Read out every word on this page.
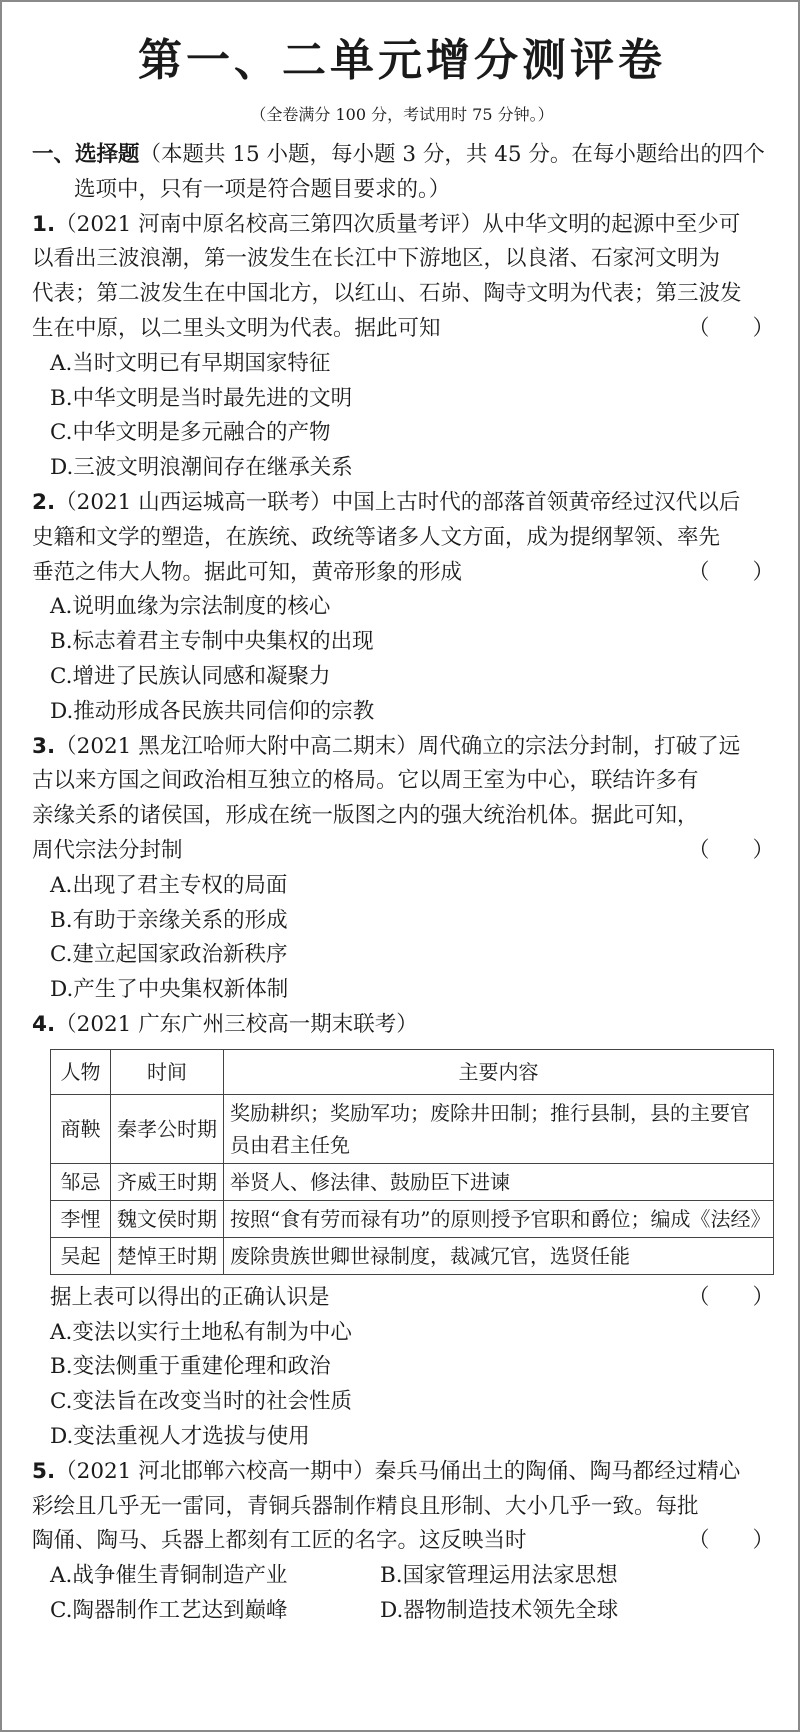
第一、二单元增分测评卷
（全卷满分 100 分，考试用时 75 分钟。）
一、选择题（本题共 15 小题，每小题 3 分，共 45 分。在每小题给出的四个
选项中，只有一项是符合题目要求的。）
1.（2021 河南中原名校高三第四次质量考评）从中华文明的起源中至少可
以看出三波浪潮，第一波发生在长江中下游地区，以良渚、石家河文明为
代表；第二波发生在中国北方，以红山、石峁、陶寺文明为代表；第三波发
生在中原，以二里头文明为代表。据此可知	（　　）
A.当时文明已有早期国家特征
B.中华文明是当时最先进的文明
C.中华文明是多元融合的产物
D.三波文明浪潮间存在继承关系
2.（2021 山西运城高一联考）中国上古时代的部落首领黄帝经过汉代以后
史籍和文学的塑造，在族统、政统等诸多人文方面，成为提纲挈领、率先
垂范之伟大人物。据此可知，黄帝形象的形成	（　　）
A.说明血缘为宗法制度的核心
B.标志着君主专制中央集权的出现
C.增进了民族认同感和凝聚力
D.推动形成各民族共同信仰的宗教
3.（2021 黑龙江哈师大附中高二期末）周代确立的宗法分封制，打破了远
古以来方国之间政治相互独立的格局。它以周王室为中心，联结许多有
亲缘关系的诸侯国，形成在统一版图之内的强大统治机体。据此可知，
周代宗法分封制	（　　）
A.出现了君主专权的局面
B.有助于亲缘关系的形成
C.建立起国家政治新秩序
D.产生了中央集权新体制
4.（2021 广东广州三校高一期末联考）
人物	时间	主要内容
商鞅	秦孝公时期	奖励耕织；奖励军功；废除井田制；推行县制，县的主要官员由君主任免
邹忌	齐威王时期	举贤人、修法律、鼓励臣下进谏
李悝	魏文侯时期	按照“食有劳而禄有功”的原则授予官职和爵位；编成《法经》
吴起	楚悼王时期	废除贵族世卿世禄制度，裁减冗官，选贤任能
据上表可以得出的正确认识是	（　　）
A.变法以实行土地私有制为中心
B.变法侧重于重建伦理和政治
C.变法旨在改变当时的社会性质
D.变法重视人才选拔与使用
5.（2021 河北邯郸六校高一期中）秦兵马俑出土的陶俑、陶马都经过精心
彩绘且几乎无一雷同，青铜兵器制作精良且形制、大小几乎一致。每批
陶俑、陶马、兵器上都刻有工匠的名字。这反映当时	（　　）
A.战争催生青铜制造产业	B.国家管理运用法家思想
C.陶器制作工艺达到巅峰	D.器物制造技术领先全球
